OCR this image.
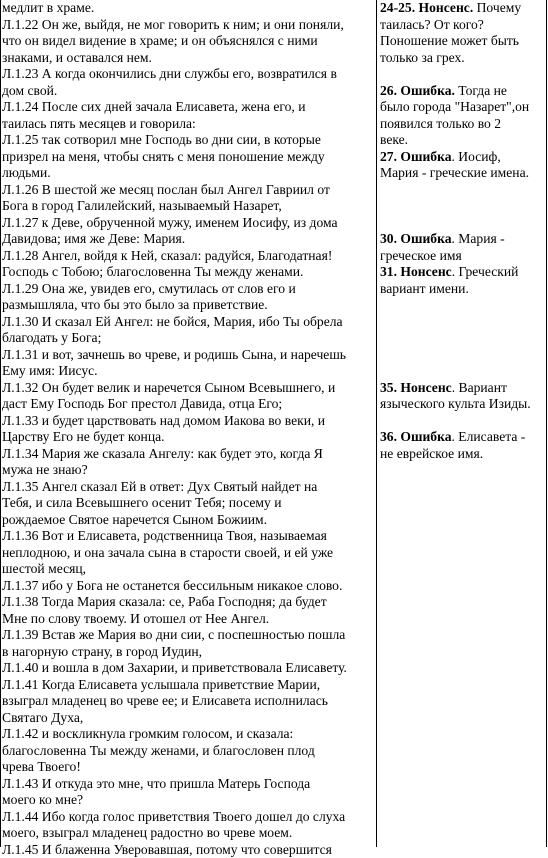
медлит в храме.
Л.1.22 Он же, выйдя, не мог говорить к ним; и они поняли,
что он видел видение в храме; и он объяснялся с ними
знаками, и оставался нем.
Л.1.23 А когда окончились дни службы его, возвратился в
дом свой.
Л.1.24 После сих дней зачала Елисавета, жена его, и
таилась пять месяцев и говорила:
Л.1.25 так сотворил мне Господь во дни сии, в которые
призрел на меня, чтобы снять с меня поношение между
людьми.
Л.1.26 В шестой же месяц послан был Ангел Гавриил от
Бога в город Галилейский, называемый Назарет,
Л.1.27 к Деве, обрученной мужу, именем Иосифу, из дома
Давидова; имя же Деве: Мария.
Л.1.28 Ангел, войдя к Ней, сказал: радуйся, Благодатная!
Господь с Тобою; благословенна Ты между женами.
Л.1.29 Она же, увидев его, смутилась от слов его и
размышляла, что бы это было за приветствие.
Л.1.30 И сказал Ей Ангел: не бойся, Мария, ибо Ты обрела
благодать у Бога;
Л.1.31 и вот, зачнешь во чреве, и родишь Сына, и наречешь
Ему имя: Иисус.
Л.1.32 Он будет велик и наречется Сыном Всевышнего, и
даст Ему Господь Бог престол Давида, отца Его;
Л.1.33 и будет царствовать над домом Иакова во веки, и
Царству Его не будет конца.
Л.1.34 Мария же сказала Ангелу: как будет это, когда Я
мужа не знаю?
Л.1.35 Ангел сказал Ей в ответ: Дух Святый найдет на
Тебя, и сила Всевышнего осенит Тебя; посему и
рождаемое Святое наречется Сыном Божиим.
Л.1.36 Вот и Елисавета, родственница Твоя, называемая
неплодною, и она зачала сына в старости своей, и ей уже
шестой месяц,
Л.1.37 ибо у Бога не останется бессильным никакое слово.
Л.1.38 Тогда Мария сказала: се, Раба Господня; да будет
Мне по слову твоему. И отошел от Нее Ангел.
Л.1.39 Встав же Мария во дни сии, с поспешностью пошла
в нагорную страну, в город Иудин,
Л.1.40 и вошла в дом Захарии, и приветствовала Елисавету.
Л.1.41 Когда Елисавета услышала приветствие Марии,
взыграл младенец во чреве ее; и Елисавета исполнилась
Святаго Духа,
Л.1.42 и воскликнула громким голосом, и сказала:
благословенна Ты между женами, и благословен плод
чрева Твоего!
Л.1.43 И откуда это мне, что пришла Матерь Господа
моего ко мне?
Л.1.44 Ибо когда голос приветствия Твоего дошел до слуха
моего, взыграл младенец радостно во чреве моем.
Л.1.45 И блаженна Уверовавшая, потому что совершится
24-25. Нонсенс. Почему
таилась? От кого?
Поношение может быть
только за грех.
26. Ошибка. Тогда не
было города "Назарет",он
появился только во 2
веке.
27. Ошибка. Иосиф,
Мария - греческие имена.
30. Ошибка. Мария -
греческое имя
31. Нонсенс. Греческий
вариант имени.
35. Нонсенс. Вариант
языческого культа Изиды.
36. Ошибка. Елисавета -
не еврейское имя.
